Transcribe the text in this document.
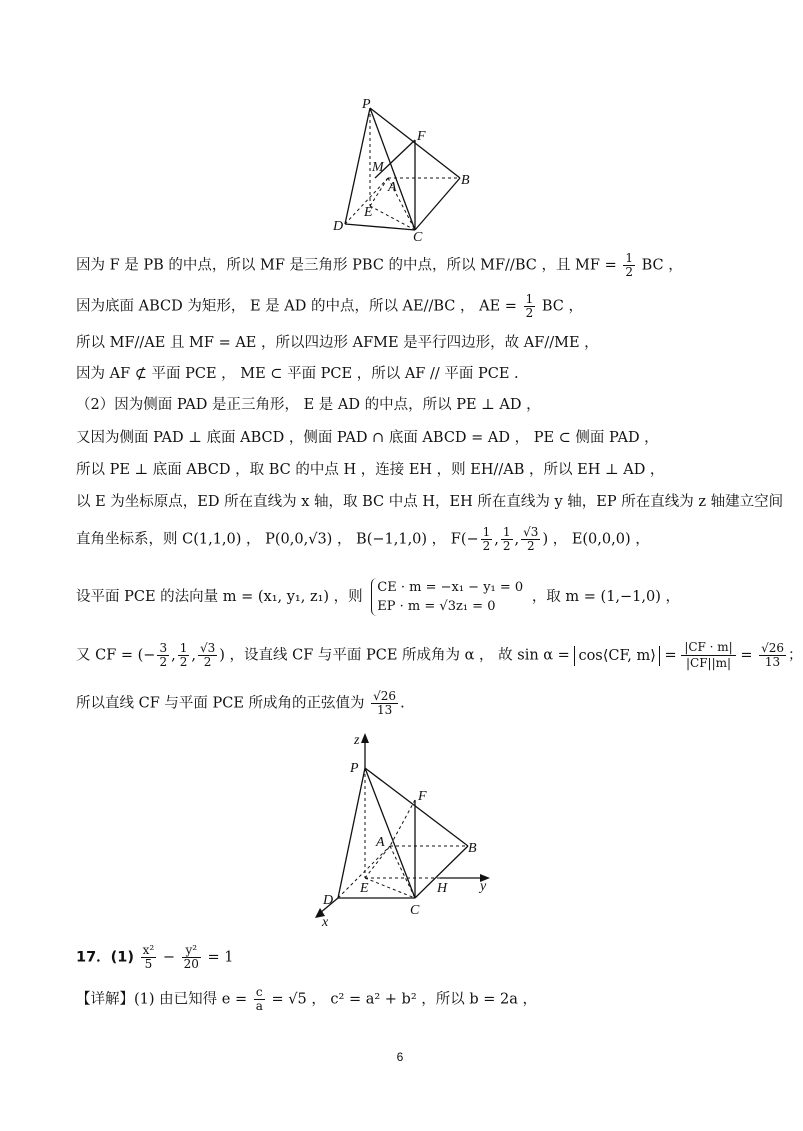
P
F
M
A	B
E
D
C
因为 F 是 PB 的中点，所以 MF 是三角形 PBC 的中点，所以 MF//BC ，且 MF = $\frac{1}{2}$ BC ，
因为底面 ABCD 为矩形， E 是 AD 的中点，所以 AE//BC ， AE = $\frac{1}{2}$ BC ，
所以 MF//AE 且 MF = AE ，所以四边形 AFME 是平行四边形，故 AF//ME ，
因为 AF ⊄ 平面 PCE ， ME ⊂ 平面 PCE ，所以 AF // 平面 PCE .
（2）因为侧面 PAD 是正三角形， E 是 AD 的中点，所以 PE ⊥ AD ，
又因为侧面 PAD ⊥ 底面 ABCD ，侧面 PAD ∩ 底面 ABCD = AD ， PE ⊂ 侧面 PAD ，
所以 PE ⊥ 底面 ABCD ，取 BC 的中点 H ，连接 EH ，则 EH//AB ，所以 EH ⊥ AD ，
以 E 为坐标原点，ED 所在直线为 x 轴，取 BC 中点 H，EH 所在直线为 y 轴，EP 所在直线为 z 轴建立空间
直角坐标系，则 C(1,1,0) ， P(0,0,√3) ， B(−1,1,0) ， $F(- \frac{1}{2}$ , $\frac{1}{2}$ , $\frac{√3}{2}$ ) ， E(0,0,0) ，
设平面 PCE 的法向量 m = (x₁, y₁, z₁) ，则
CE · m = −x₁ − y₁ = 0
EP · m = √3z₁ = 0
，取 m = (1,−1,0) ，
又 CF = (− $\frac{3}{2}$ , $\frac{1}{2}$ , $\frac{√3}{2}$ ) ，设直线 CF 与平面 PCE 所成角为 α ， 故 sin α = cos⟨CF, m⟩ = $\frac{|CF \cdot m|}{|CF||m|} = \frac{√26}{13}$ ；
所以直线 CF 与平面 PCE 所成角的正弦值为 $\frac{√26}{13}$ .
z
P
F
A	B
E	H y
D
C
x
17．$(1) \frac{\text{x²}}{5} - \frac{\text{y²}}{20} = 1$
【详解】(1) 由已知得 $e = \frac{c}{a} = √5$ ， c² = a² + b² ，所以 b = 2a ，
6
